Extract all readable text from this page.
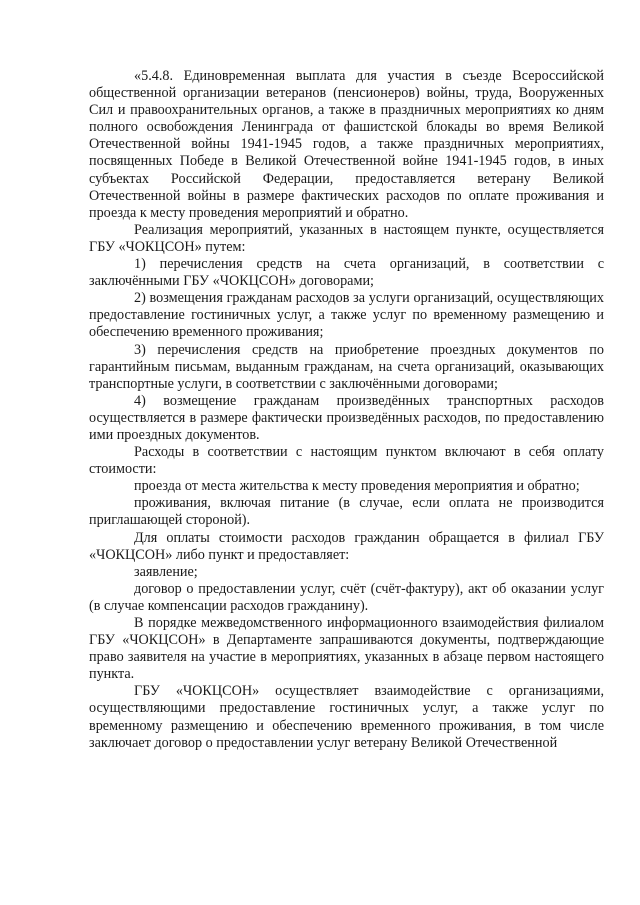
«5.4.8. Единовременная выплата для участия в съезде Всероссийской общественной организации ветеранов (пенсионеров) войны, труда, Вооруженных Сил и правоохранительных органов, а также в праздничных мероприятиях ко дням полного освобождения Ленинграда от фашистской блокады во время Великой Отечественной войны 1941-1945 годов, а также праздничных мероприятиях, посвященных Победе в Великой Отечественной войне 1941-1945 годов, в иных субъектах Российской Федерации, предоставляется ветерану Великой Отечественной войны в размере фактических расходов по оплате проживания и проезда к месту проведения мероприятий и обратно.

Реализация мероприятий, указанных в настоящем пункте, осуществляется ГБУ «ЧОКЦСОН» путем:

1) перечисления средств на счета организаций, в соответствии с заключёнными ГБУ «ЧОКЦСОН» договорами;

2) возмещения гражданам расходов за услуги организаций, осуществляющих предоставление гостиничных услуг, а также услуг по временному размещению и обеспечению временного проживания;

3) перечисления средств на приобретение проездных документов по гарантийным письмам, выданным гражданам, на счета организаций, оказывающих транспортные услуги, в соответствии с заключёнными договорами;

4) возмещение гражданам произведённых транспортных расходов осуществляется в размере фактически произведённых расходов, по предоставлению ими проездных документов.

Расходы в соответствии с настоящим пунктом включают в себя оплату стоимости:

проезда от места жительства к месту проведения мероприятия и обратно;

проживания, включая питание (в случае, если оплата не производится приглашающей стороной).

Для оплаты стоимости расходов гражданин обращается в филиал ГБУ «ЧОКЦСОН» либо пункт и предоставляет:

заявление;

договор о предоставлении услуг, счёт (счёт-фактуру), акт об оказании услуг (в случае компенсации расходов гражданину).

В порядке межведомственного информационного взаимодействия филиалом ГБУ «ЧОКЦСОН» в Департаменте запрашиваются документы, подтверждающие право заявителя на участие в мероприятиях, указанных в абзаце первом настоящего пункта.

ГБУ «ЧОКЦСОН» осуществляет взаимодействие с организациями, осуществляющими предоставление гостиничных услуг, а также услуг по временному размещению и обеспечению временного проживания, в том числе заключает договор о предоставлении услуг ветерану Великой Отечественной
